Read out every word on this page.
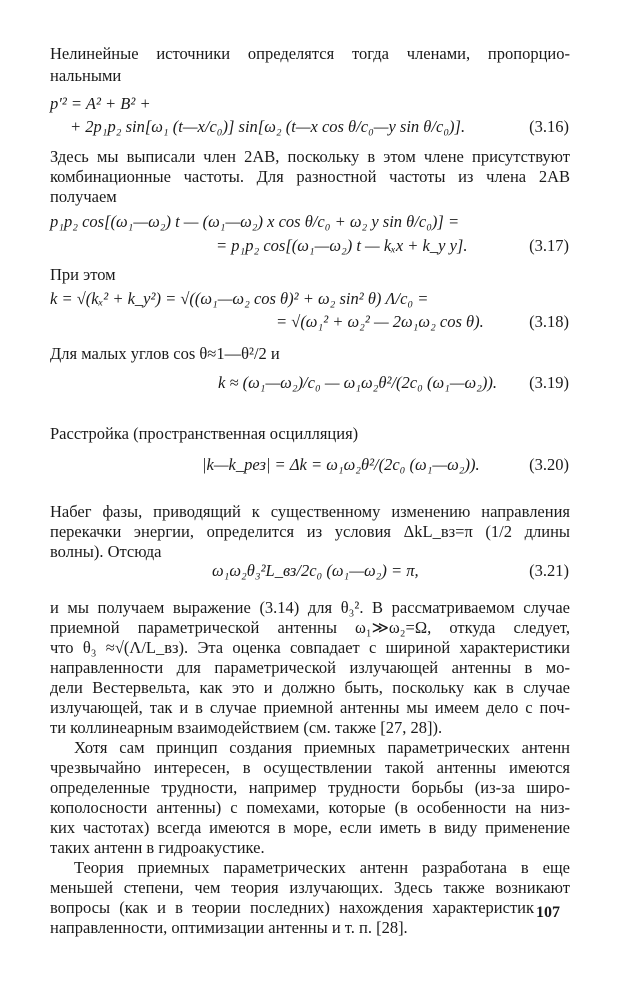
Нелинейные источники определятся тогда членами, пропорцио-
нальными
p′² = A² + B² +
+ 2p₁p₂ sin[ω₁ (t—x/c₀)] sin[ω₂ (t—x cos θ/c₀—y sin θ/c₀)].	(3.16)
Здесь мы выписали член 2AB, поскольку в этом члене присутствуют
комбинационные частоты. Для разностной частоты из члена 2AB
получаем
p₁p₂ cos[(ω₁—ω₂) t — (ω₁—ω₂) x cos θ/c₀ + ω₂ y sin θ/c₀)] =
= p₁p₂ cos[(ω₁—ω₂) t — kₓx + k_y y].	(3.17)
При этом
k = √(kₓ² + k_y²) = √((ω₁—ω₂ cos θ)² + ω₂ sin² θ) Λ/c₀ =
= √(ω₁² + ω₂² — 2ω₁ω₂ cos θ).	(3.18)
Для малых углов cos θ≈1—θ²/2 и
k ≈ (ω₁—ω₂)/c₀ — ω₁ω₂θ²/(2c₀ (ω₁—ω₂)). (3.19)
Расстройка (пространственная осцилляция)
|k—k_рез| = Δk = ω₁ω₂θ²/(2c₀ (ω₁—ω₂)).	(3.20)
Набег фазы, приводящий к существенному изменению направления
перекачки энергии, определится из условия ΔkL_вз=π (1/2 длины
волны). Отсюда
ω₁ω₂θ₃²L_вз/2c₀ (ω₁—ω₂) = π,	(3.21)
и мы получаем выражение (3.14) для θ₃². В рассматриваемом случае
приемной параметрической антенны ω₁≫ω₂=Ω, откуда следует,
что θ₃ ≈√(Λ/L_вз). Эта оценка совпадает с шириной характеристики
направленности для параметрической излучающей антенны в мо-
дели Вестервельта, как это и должно быть, поскольку как в случае
излучающей, так и в случае приемной антенны мы имеем дело с поч-
ти коллинеарным взаимодействием (см. также [27, 28]).
Хотя сам принцип создания приемных параметрических антенн
чрезвычайно интересен, в осуществлении такой антенны имеются
определенные трудности, например трудности борьбы (из-за широ-
кополосности антенны) с помехами, которые (в особенности на низ-
ких частотах) всегда имеются в море, если иметь в виду применение
таких антенн в гидроакустике.
Теория приемных параметрических антенн разработана в еще
меньшей степени, чем теория излучающих. Здесь также возникают
вопросы (как и в теории последних) нахождения характеристик
направленности, оптимизации антенны и т. п. [28].
107
